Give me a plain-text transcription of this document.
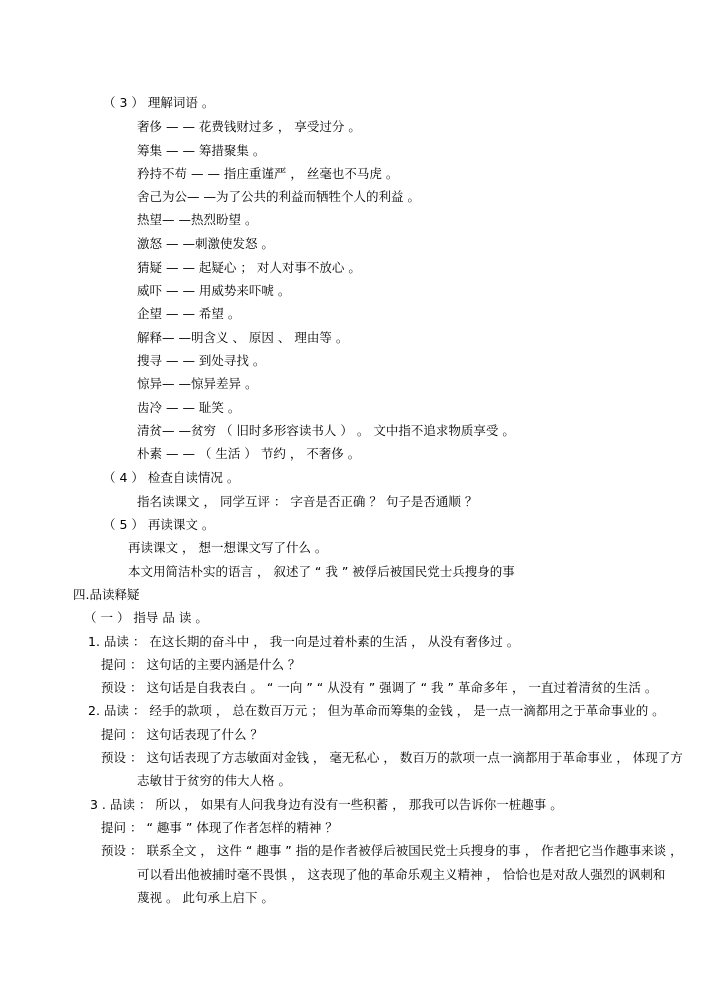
（ 3 ） 理解词语 。
奢侈 — — 花费钱财过多 ， 享受过分 。
筹集 — — 筹措聚集 。
矜持不苟 — — 指庄重谨严 ， 丝毫也不马虎 。
舍己为公— —为了公共的利益而牺牲个人的利益 。
热望— —热烈盼望 。
激怒 — —刺激使发怒 。
猜疑 — — 起疑心 ； 对人对事不放心 。
威吓 — — 用威势来吓唬 。
企望 — — 希望 。
解释— —明含义 、 原因 、 理由等 。
搜寻 — — 到处寻找 。
惊异— —惊异差异 。
齿冷 — — 耻笑 。
清贫— —贫穷 （ 旧时多形容读书人 ） 。 文中指不追求物质享受 。
朴素 — — （ 生活 ） 节约 ， 不奢侈 。
（ 4 ） 检查自读情况 。
指名读课文 ， 同学互评 ： 字音是否正确 ？ 句子是否通顺 ？
（ 5 ） 再读课文 。
再读课文 ， 想一想课文写了什么 。
本文用简洁朴实的语言 ， 叙述了 “ 我 ” 被俘后被国民党士兵搜身的事
四.品读释疑
（ 一 ） 指导 品 读 。
1. 品读 ： 在这长期的奋斗中 ， 我一向是过着朴素的生活 ， 从没有奢侈过 。
提问 ： 这句话的主要内涵是什么 ？
预设 ： 这句话是自我表白 。 “ 一向 ” “ 从没有 ” 强调了 “ 我 ” 革命多年 ， 一直过着清贫的生活 。
2. 品读 ： 经手的款项 ， 总在数百万元 ； 但为革命而筹集的金钱 ， 是一点一滴都用之于革命事业的 。
提问 ： 这句话表现了什么 ？
预设 ： 这句话表现了方志敏面对金钱 ， 毫无私心 ， 数百万的款项一点一滴都用于革命事业 ， 体现了方
志敏甘于贫穷的伟大人格 。
3 . 品读 ： 所以 ， 如果有人问我身边有没有一些积蓄 ， 那我可以告诉你一桩趣事 。
提问 ： “ 趣事 ” 体现了作者怎样的精神 ？
预设 ： 联系全文 ， 这件 “ 趣事 ” 指的是作者被俘后被国民党士兵搜身的事 ， 作者把它当作趣事来谈 ，
可以看出他被捕时毫不畏惧 ， 这表现了他的革命乐观主义精神 ， 恰恰也是对敌人强烈的讽刺和
蔑视 。 此句承上启下 。
